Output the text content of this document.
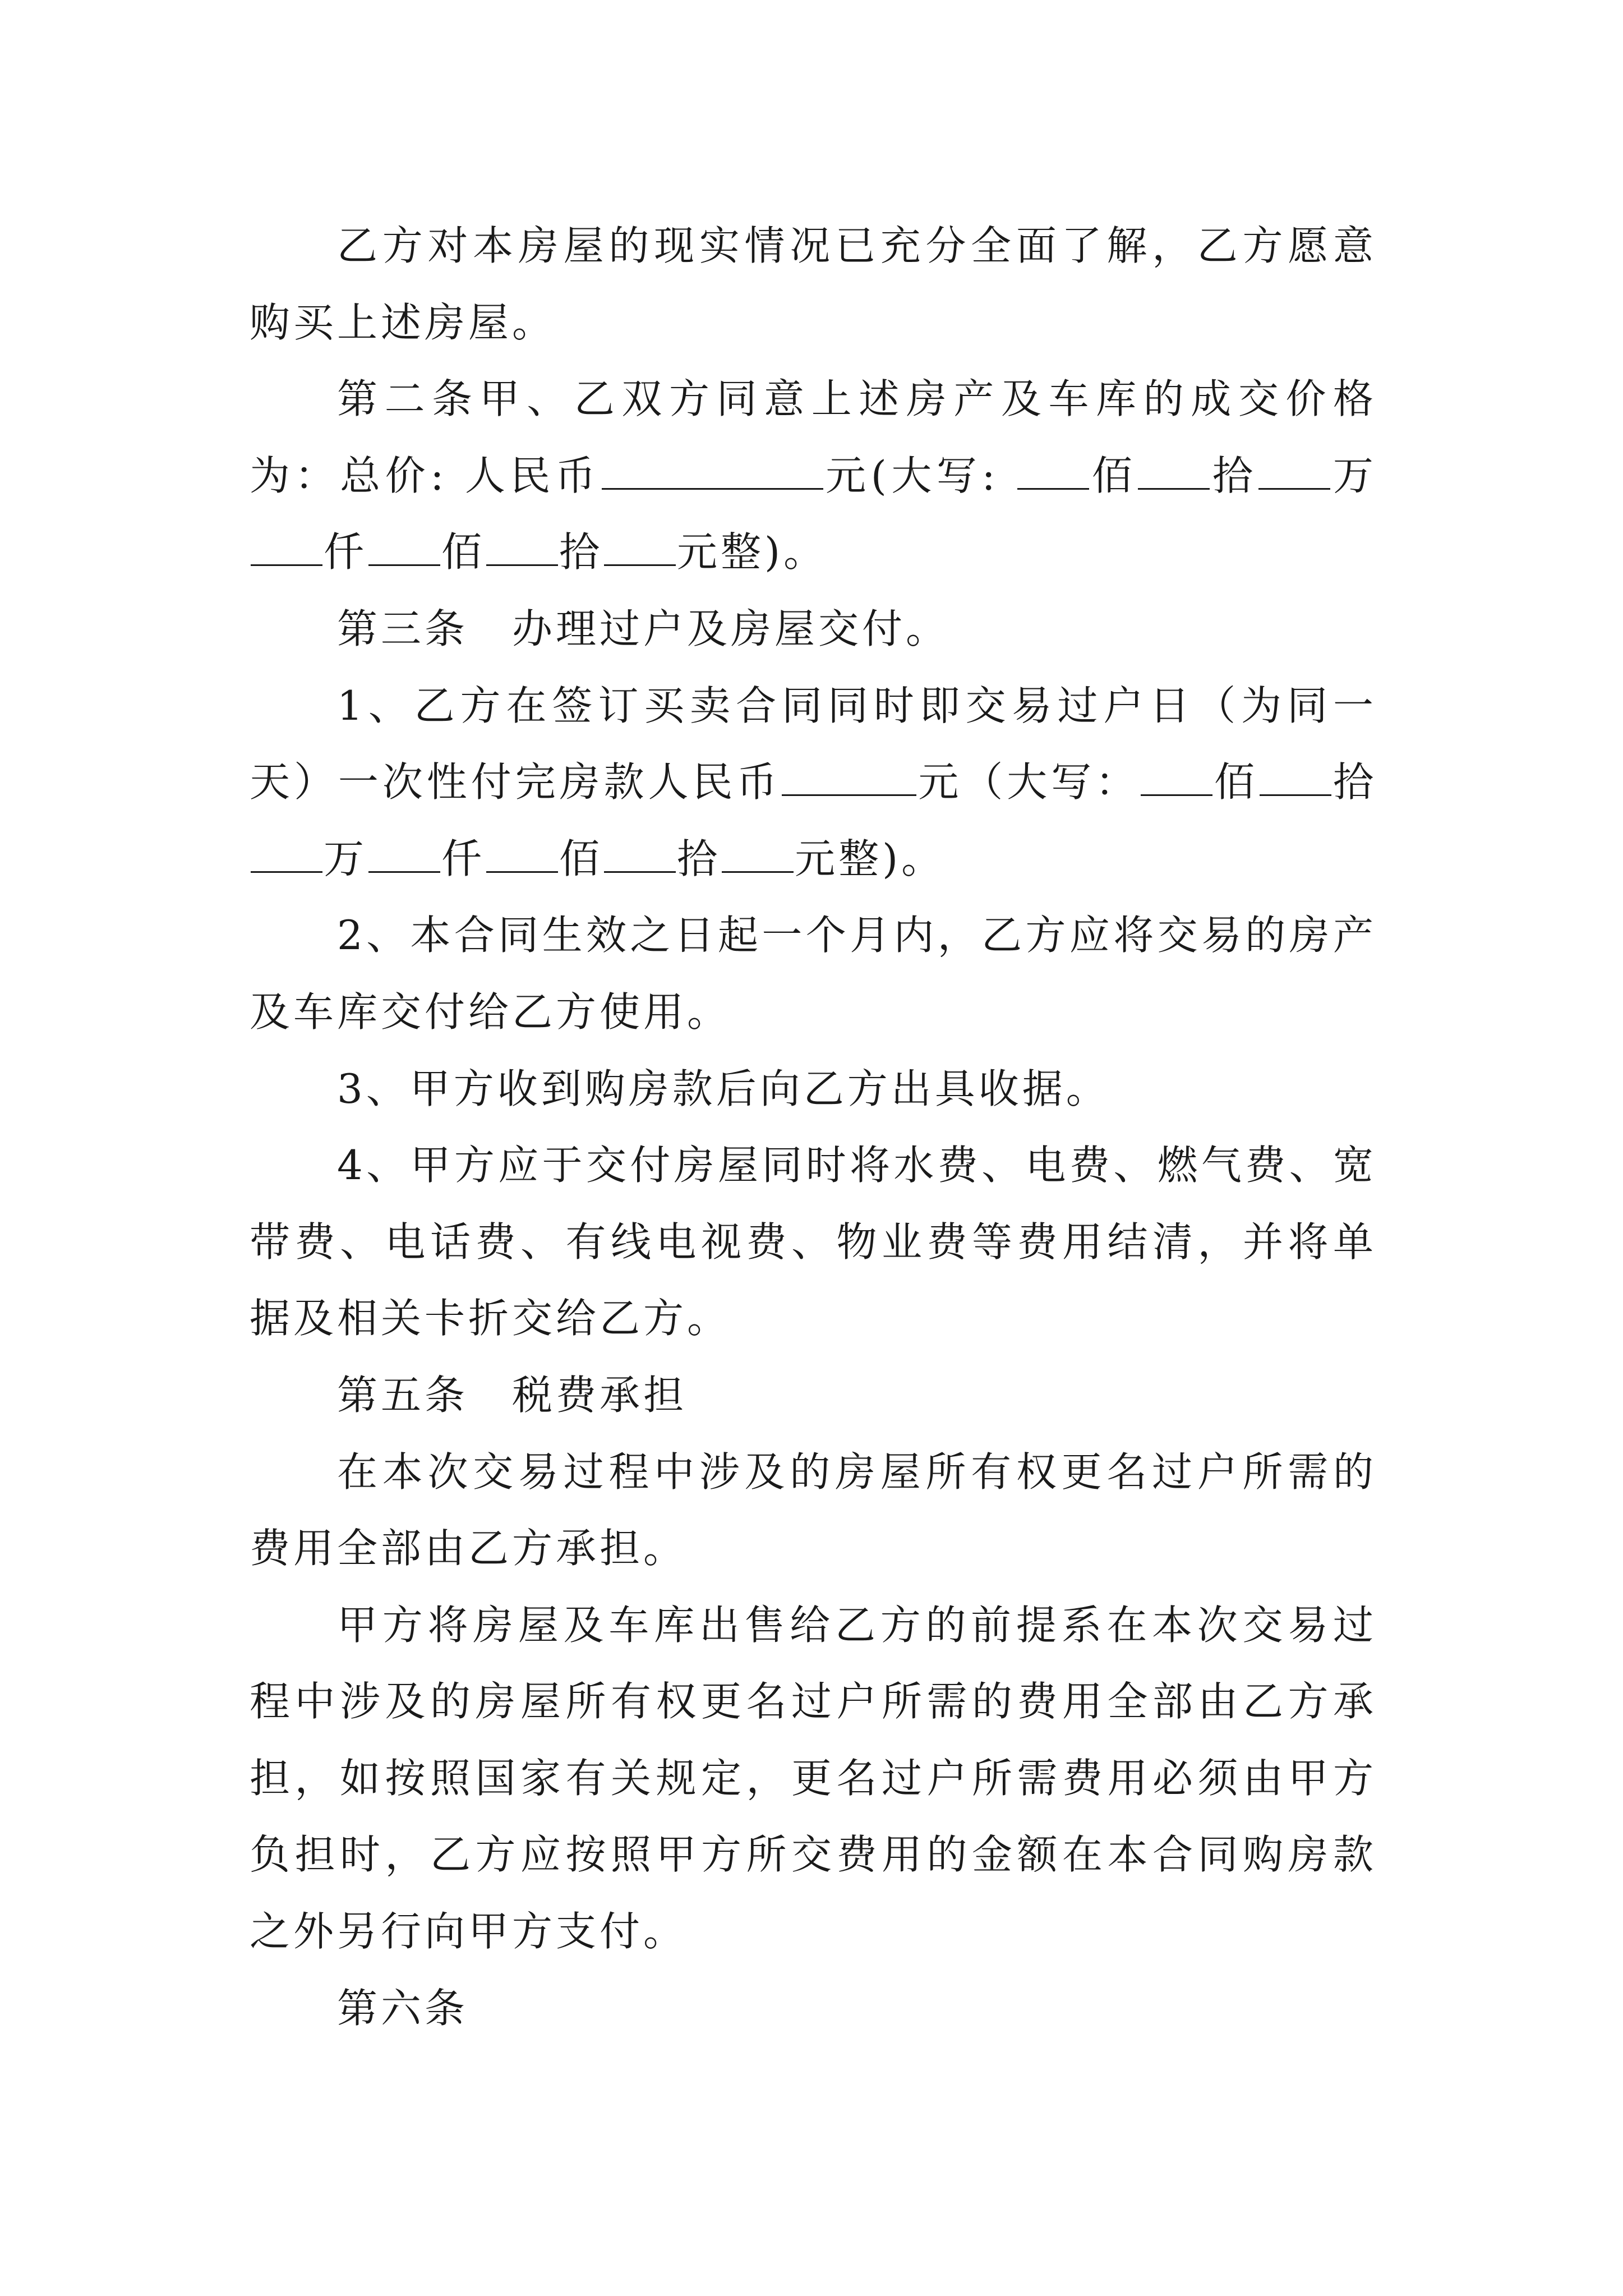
乙方对本房屋的现实情况已充分全面了解，乙方愿意购买上述房屋。

第二条甲、乙双方同意上述房产及车库的成交价格为：总价: 人民币	元(大写: 佰 拾 万仟 佰 拾 元整)。

第三条　办理过户及房屋交付。

1、乙方在签订买卖合同同时即交易过户日（为同一天）一次性付完房款人民币	元（大写： 佰 拾万 仟 佰 拾 元整)。

2、本合同生效之日起一个月内，乙方应将交易的房产及车库交付给乙方使用。

3、甲方收到购房款后向乙方出具收据。

4、甲方应于交付房屋同时将水费、电费、燃气费、宽带费、电话费、有线电视费、物业费等费用结清，并将单据及相关卡折交给乙方。

第五条　税费承担

在本次交易过程中涉及的房屋所有权更名过户所需的费用全部由乙方承担。

甲方将房屋及车库出售给乙方的前提系在本次交易过程中涉及的房屋所有权更名过户所需的费用全部由乙方承担，如按照国家有关规定，更名过户所需费用必须由甲方负担时，乙方应按照甲方所交费用的金额在本合同购房款之外另行向甲方支付。

第六条
